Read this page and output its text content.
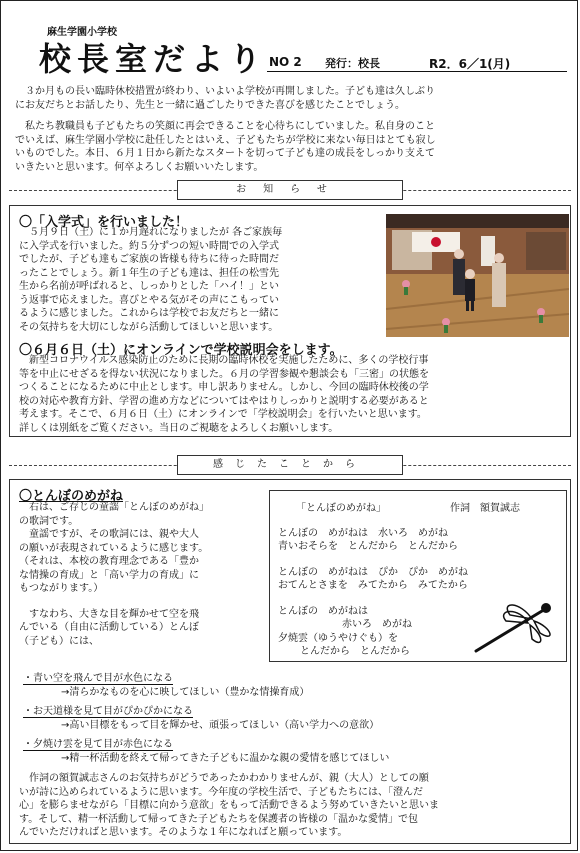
麻生学園小学校
校長室だより NO 2 発行：校長	R2．6／1(月)
　３か月もの長い臨時休校措置が終わり、いよいよ学校が再開しました。子ども達は久しぶり
にお友だちとお話したり、先生と一緒に過ごしたりできた喜びを感じたことでしょう。
　私たち教職員も子どもたちの笑顔に再会できることを心待ちにしていました。私自身のこと
でいえば、麻生学園小学校に赴任したとはいえ、子どもたちが学校に来ない毎日はとても寂し
いものでした。本日、６月１日から新たなスタートを切って子ども達の成長をしっかり支えて
いきたいと思います。何卒よろしくお願いいたします。
お知らせ
〇「入学式」を行いました！
　５月９日（土）に１か月遅れになりましたが 各ご家族毎
に入学式を行いました。約５分ずつの短い時間での入学式
でしたが、子ども達もご家族の皆様も待ちに待った時間だ
ったことでしょう。新１年生の子ども達は、担任の松雪先
生から名前が呼ばれると、しっかりとした「ハイ！」とい
う返事で応えました。喜びとやる気がその声にこもってい
るように感じました。これからは学校でお友だちと一緒に
その気持ちを大切にしながら活動してほしいと思います。
〇６月６日（土）にオンラインで学校説明会をします。
　新型コロナウイルス感染防止のために長期の臨時休校を実施したために、多くの学校行事
等を中止にせざるを得ない状況になりました。６月の学習参観や懇談会も「三密」の状態を
つくることになるために中止とします。申し訳ありません。しかし、今回の臨時休校後の学
校の対応や教育方針、学習の進め方などについてはやはりしっかりと説明する必要があると
考えます。そこで、６月６日（土）にオンラインで「学校説明会」を行いたいと思います。
詳しくは別紙をご覧ください。当日のご視聴をよろしくお願いします。
感じたことから
〇とんぼのめがね
　右は、ご存じの童謡「とんぼのめがね」
の歌詞です。
　童謡ですが、その歌詞には、親や大人
の願いが表現されているように感じます。
（それは、本校の教育理念である「豊か
な情操の育成」と「高い学力の育成」に
もつながります。）
　すなわち、大きな目を輝かせて空を飛
んでいる（自由に活動している）とんぼ
（子ども）には、
「とんぼのめがね」	作詞　額賀誠志
とんぼの　めがねは　水いろ　めがね
青いおそらを　とんだから　とんだから
とんぼの　めがねは　ぴか　ぴか　めがね
おてんとさまを　みてたから　みてたから
とんぼの　めがねは
赤いろ　めがね
夕焼雲（ゆうやけぐも）を
とんだから　とんだから
・青い空を飛んで目が水色になる
→清らかなものを心に映してほしい（豊かな情操育成）
・お天道様を見て目がぴかぴかになる
→高い目標をもって目を輝かせ、頑張ってほしい（高い学力への意欲）
・夕焼け雲を見て目が赤色になる
→精一杯活動を終えて帰ってきた子どもに温かな親の愛情を感じてほしい
　作詞の額賀誠志さんのお気持ちがどうであったかわかりませんが、親（大人）としての願
いが詩に込められているように思います。今年度の学校生活で、子どもたちには、「澄んだ
心」を膨らませながら「目標に向かう意欲」をもって活動できるよう努めていきたいと思いま
す。そして、精一杯活動して帰ってきた子どもたちを保護者の皆様の「温かな愛情」で包
んでいただければと思います。そのような１年になればと願っています。
